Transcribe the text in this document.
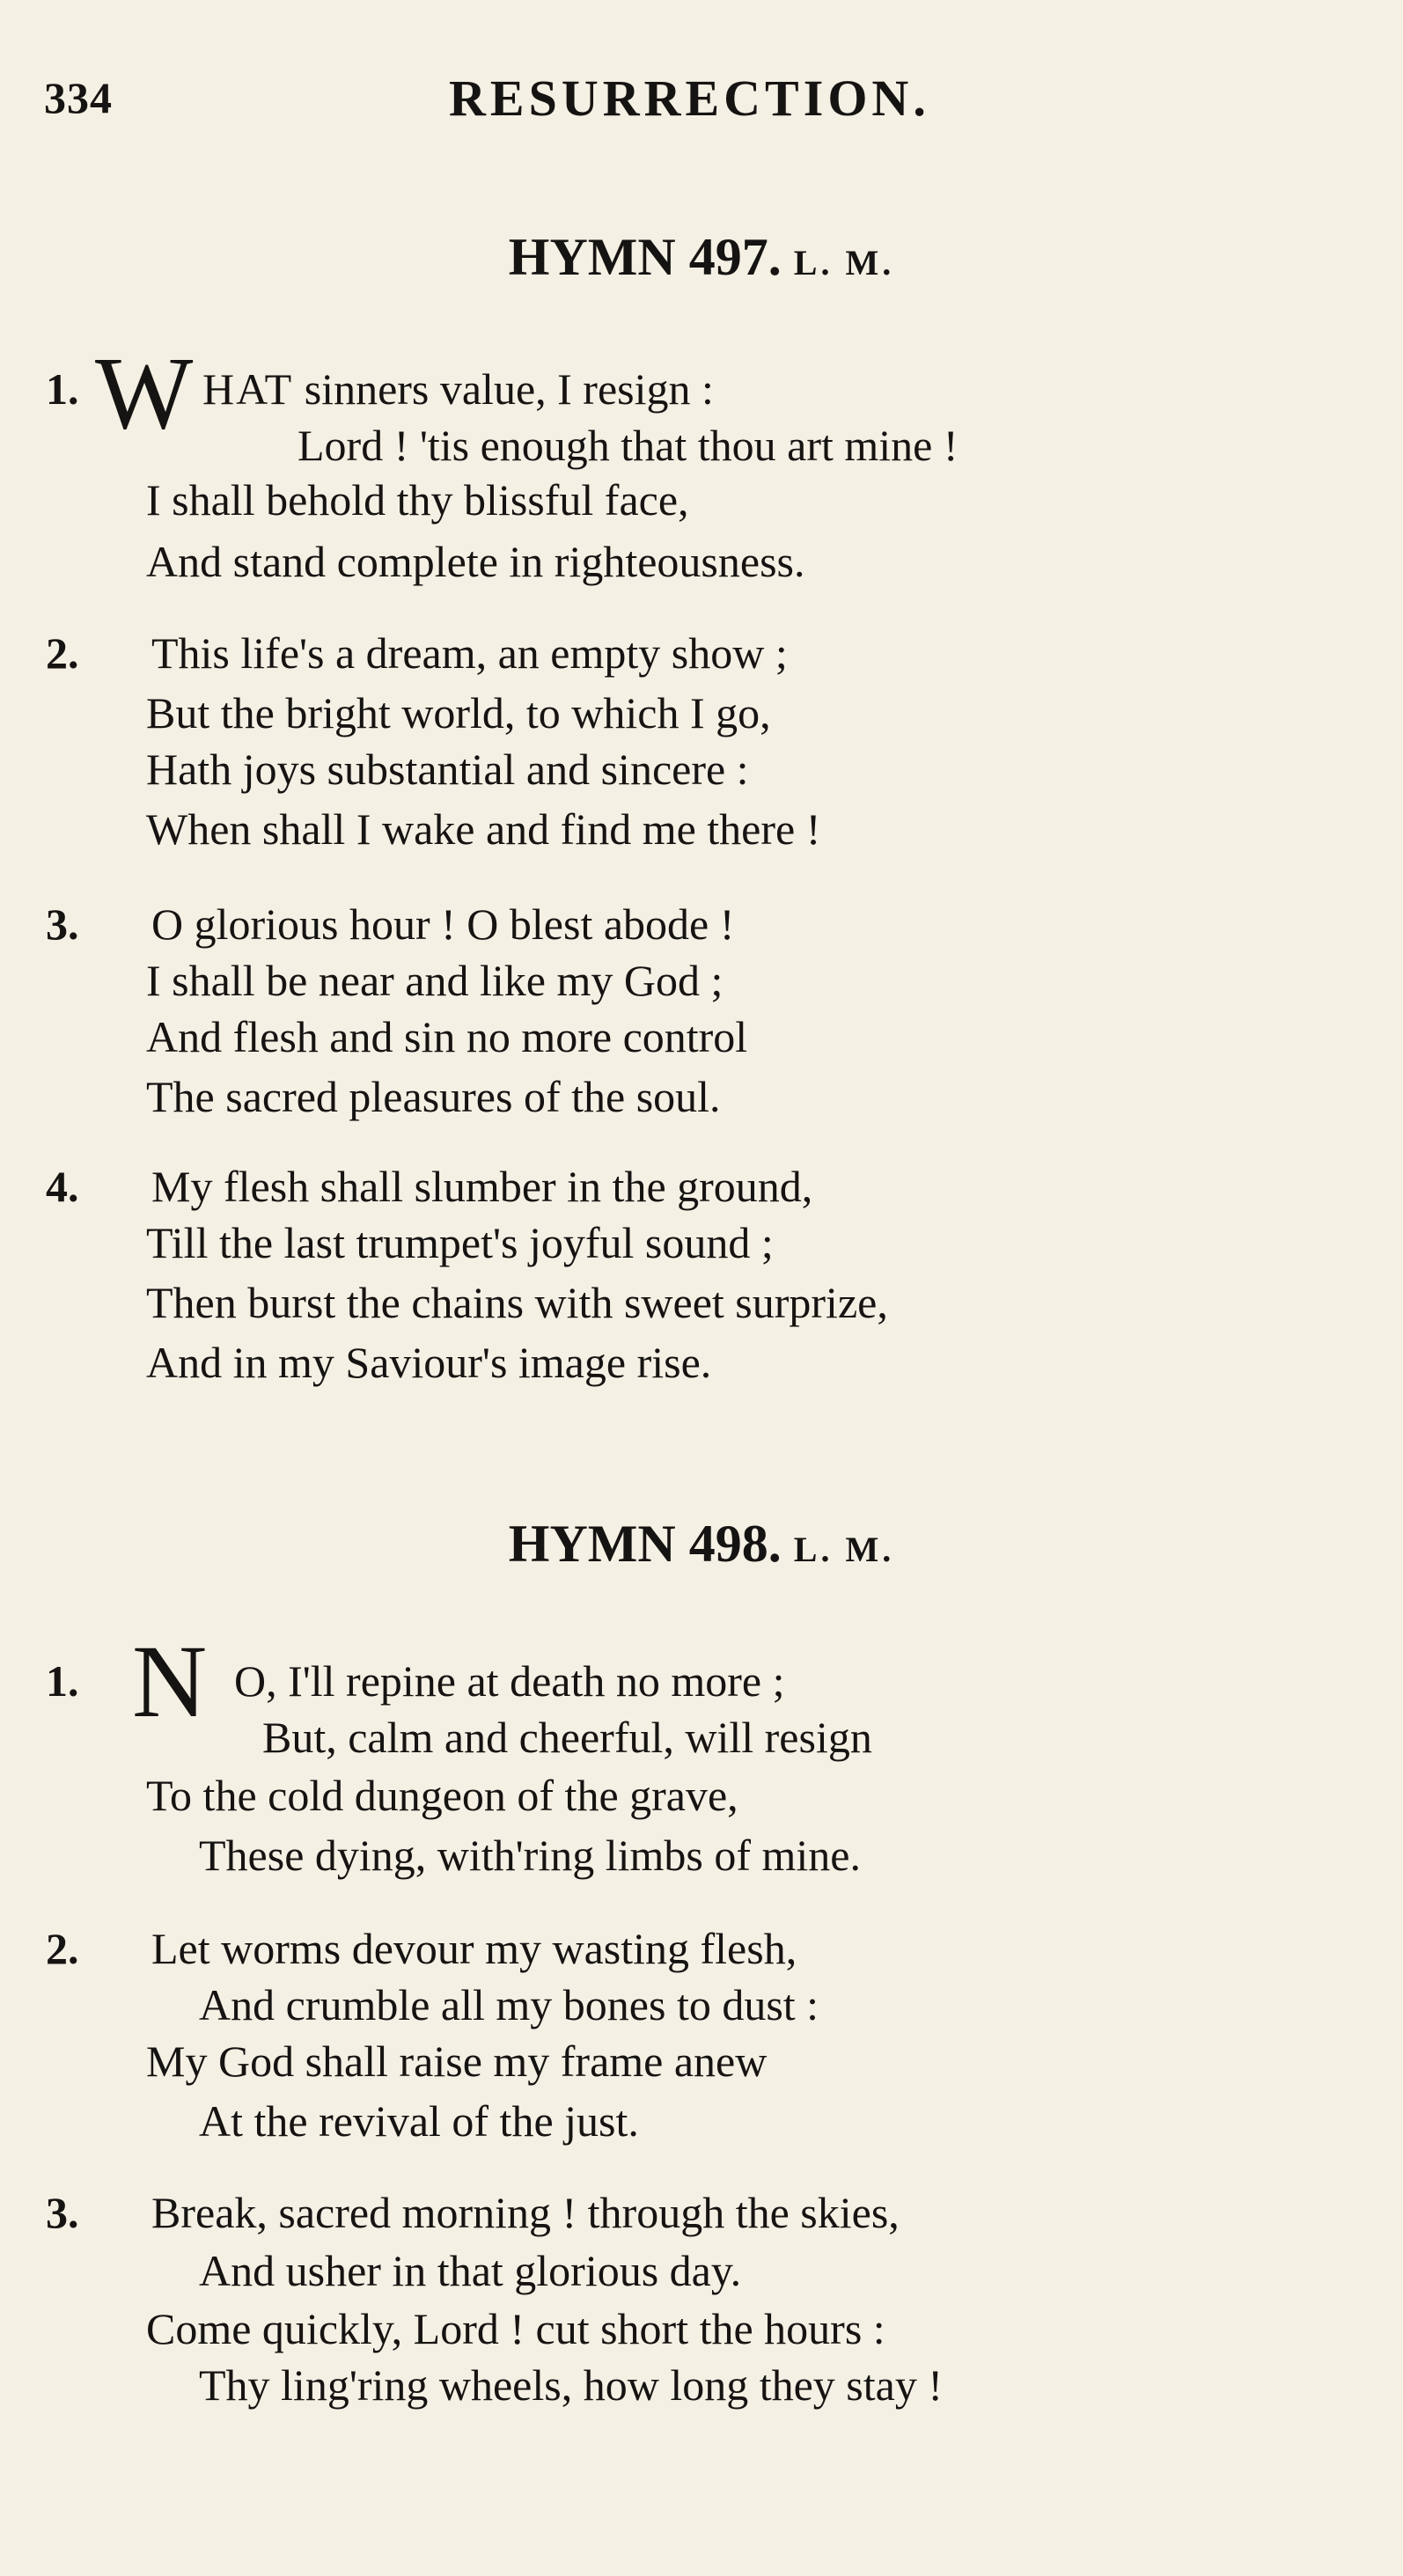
334	RESURRECTION.
HYMN 497. L. M.
1. W HAT sinners value, I resign :
Lord ! 'tis enough that thou art mine !
I shall behold thy blissful face,
And stand complete in righteousness.
2. This life's a dream, an empty show ;
But the bright world, to which I go,
Hath joys substantial and sincere :
When shall I wake and find me there !
3. O glorious hour ! O blest abode !
I shall be near and like my God ;
And flesh and sin no more control
The sacred pleasures of the soul.
4. My flesh shall slumber in the ground,
Till the last trumpet's joyful sound ;
Then burst the chains with sweet surprize,
And in my Saviour's image rise.
HYMN 498. L. M.
1. N O, I'll repine at death no more ;
But, calm and cheerful, will resign
To the cold dungeon of the grave,
These dying, with'ring limbs of mine.
2. Let worms devour my wasting flesh,
And crumble all my bones to dust :
My God shall raise my frame anew
At the revival of the just.
3. Break, sacred morning ! through the skies,
And usher in that glorious day.
Come quickly, Lord ! cut short the hours :
Thy ling'ring wheels, how long they stay !
